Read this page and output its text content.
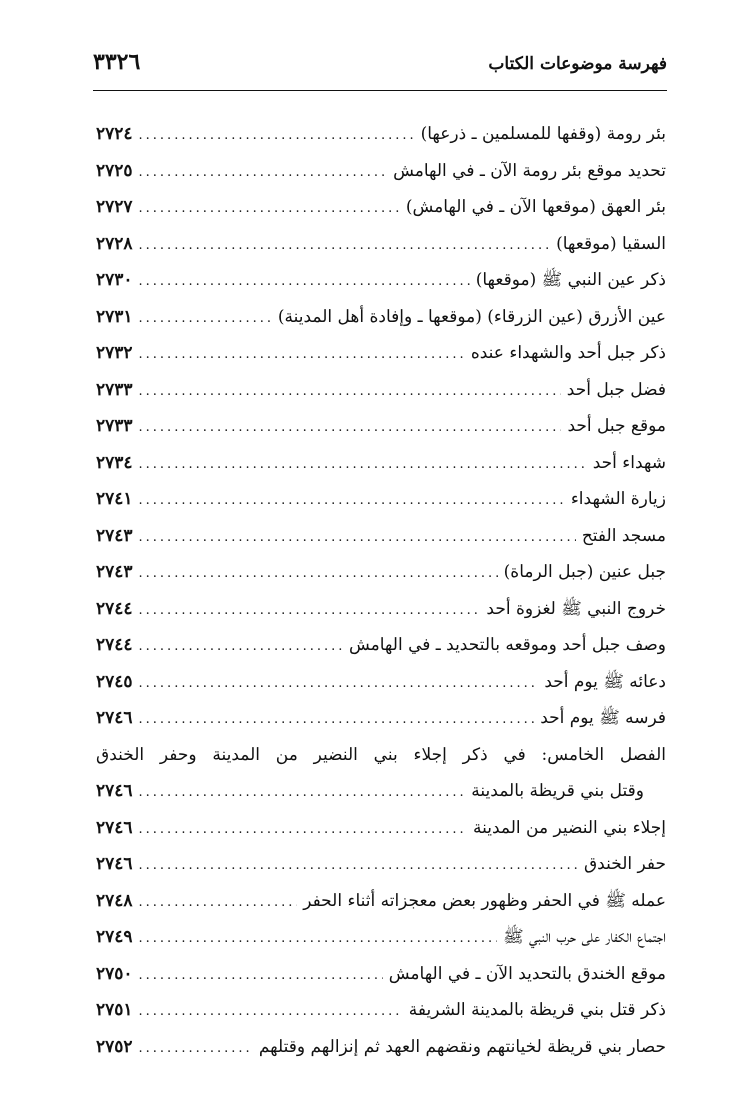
فهرسة موضوعات الكتاب
٣٣٢٦
بئر رومة (وقفها للمسلمين ـ ذرعها)
.....
٢٧٢٤
تحديد موقع بئر رومة الآن ـ في الهامش
.....
٢٧٢٥
بئر العهق (موقعها الآن ـ في الهامش)
.....
٢٧٢٧
السقيا (موقعها)
.....
٢٧٢٨
ذكر عين النبي ﷺ (موقعها)
.....
٢٧٣٠
عين الأزرق (عين الزرقاء) (موقعها ـ وإفادة أهل المدينة)
.....
٢٧٣١
ذكر جبل أحد والشهداء عنده
.....
٢٧٣٢
فضل جبل أحد
.....
٢٧٣٣
موقع جبل أحد
.....
٢٧٣٣
شهداء أحد
.....
٢٧٣٤
زيارة الشهداء
.....
٢٧٤١
مسجد الفتح
.....
٢٧٤٣
جبل عنين (جبل الرماة)
.....
٢٧٤٣
خروج النبي ﷺ لغزوة أحد
.....
٢٧٤٤
وصف جبل أحد وموقعه بالتحديد ـ في الهامش
.....
٢٧٤٤
دعائه ﷺ يوم أحد
.....
٢٧٤٥
فرسه ﷺ يوم أحد
.....
٢٧٤٦
الفصل الخامس: في ذكر إجلاء بني النضير من المدينة وحفر الخندق
وقتل بني قريظة بالمدينة
.....
٢٧٤٦
إجلاء بني النضير من المدينة
.....
٢٧٤٦
حفر الخندق
.....
٢٧٤٦
عمله ﷺ في الحفر وظهور بعض معجزاته أثناء الحفر
.....
٢٧٤٨
اجتماع الكفار على حرب النبي ﷺ
.....
٢٧٤٩
موقع الخندق بالتحديد الآن ـ في الهامش
.....
٢٧٥٠
ذكر قتل بني قريظة بالمدينة الشريفة
.....
٢٧٥١
حصار بني قريظة لخيانتهم ونقضهم العهد ثم إنزالهم وقتلهم
.....
٢٧٥٢
